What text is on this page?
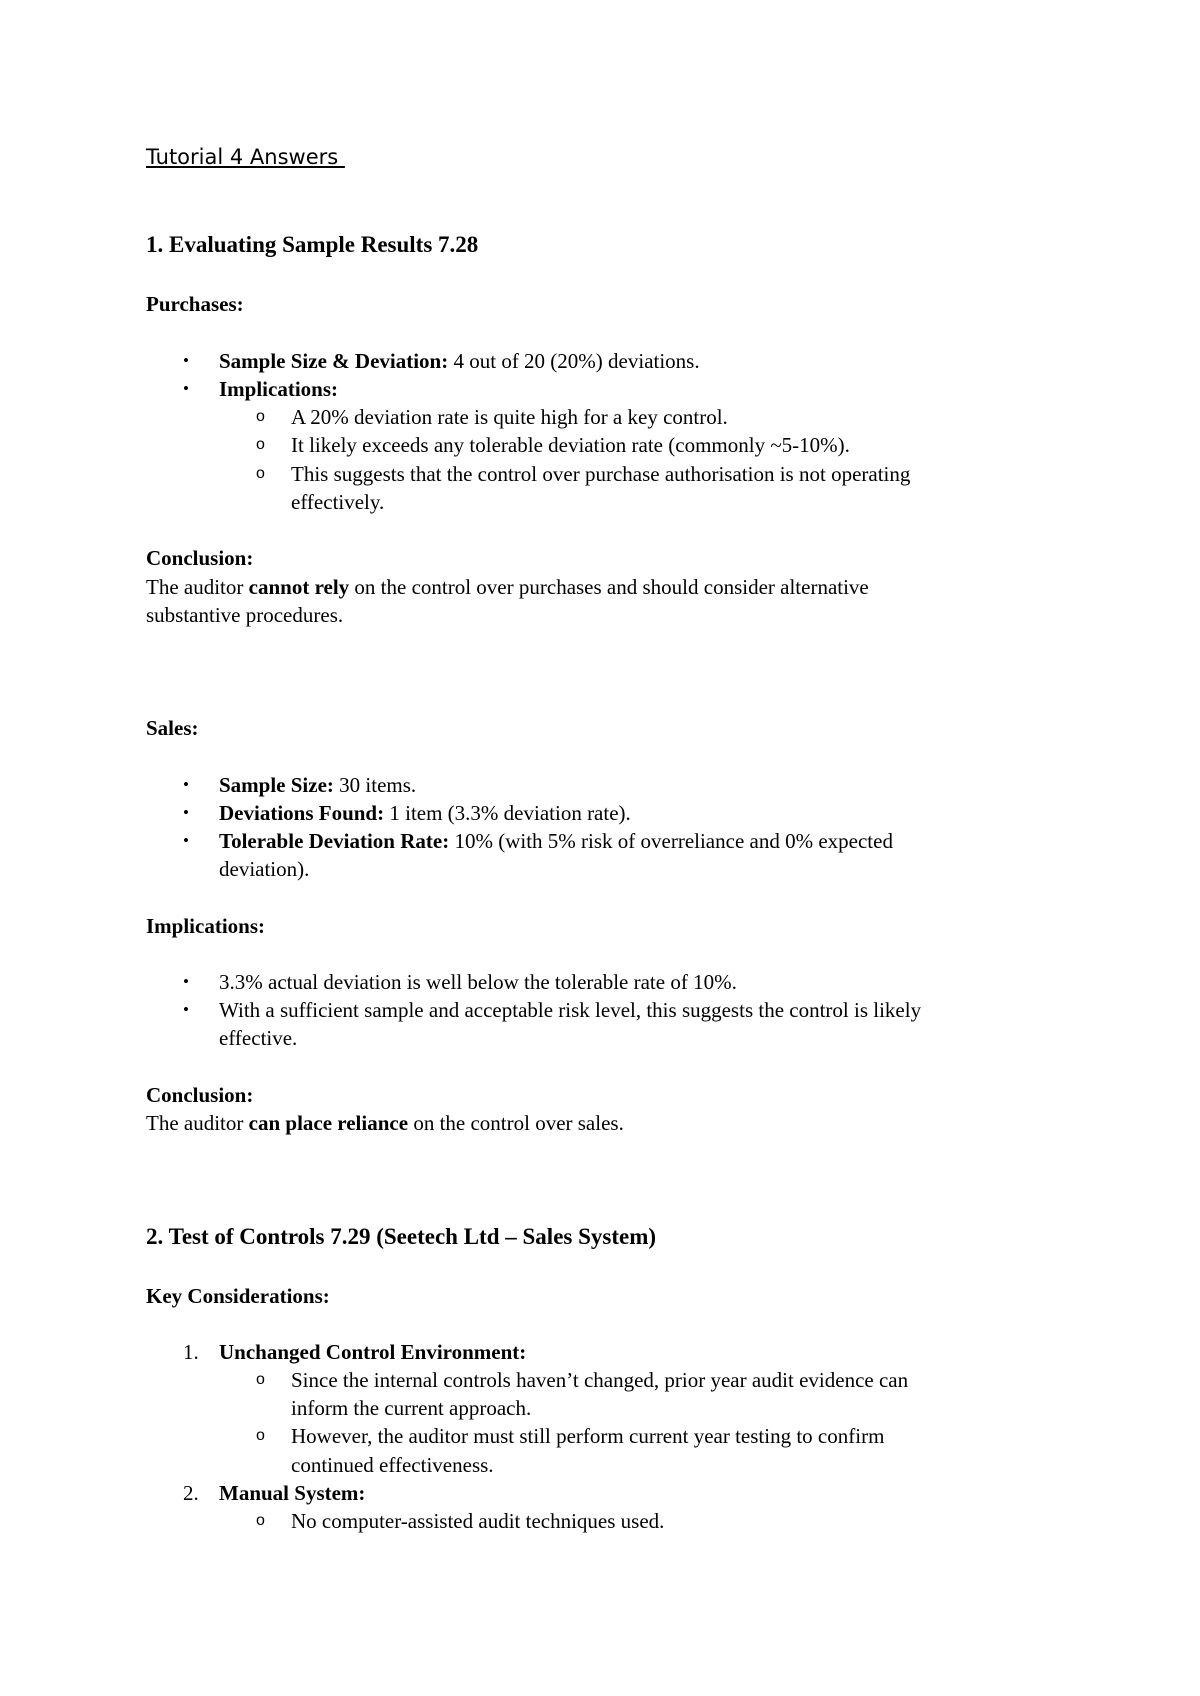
Tutorial 4 Answers
1. Evaluating Sample Results 7.28
Purchases:
• Sample Size & Deviation: 4 out of 20 (20%) deviations.
• Implications:
o A 20% deviation rate is quite high for a key control.
o It likely exceeds any tolerable deviation rate (commonly ~5-10%).
o This suggests that the control over purchase authorisation is not operating
effectively.
Conclusion:
The auditor cannot rely on the control over purchases and should consider alternative
substantive procedures.
Sales:
• Sample Size: 30 items.
• Deviations Found: 1 item (3.3% deviation rate).
• Tolerable Deviation Rate: 10% (with 5% risk of overreliance and 0% expected
deviation).
Implications:
• 3.3% actual deviation is well below the tolerable rate of 10%.
• With a sufficient sample and acceptable risk level, this suggests the control is likely
effective.
Conclusion:
The auditor can place reliance on the control over sales.
2. Test of Controls 7.29 (Seetech Ltd – Sales System)
Key Considerations:
1. Unchanged Control Environment:
o Since the internal controls haven’t changed, prior year audit evidence can
inform the current approach.
o However, the auditor must still perform current year testing to confirm
continued effectiveness.
2. Manual System:
o No computer-assisted audit techniques used.
